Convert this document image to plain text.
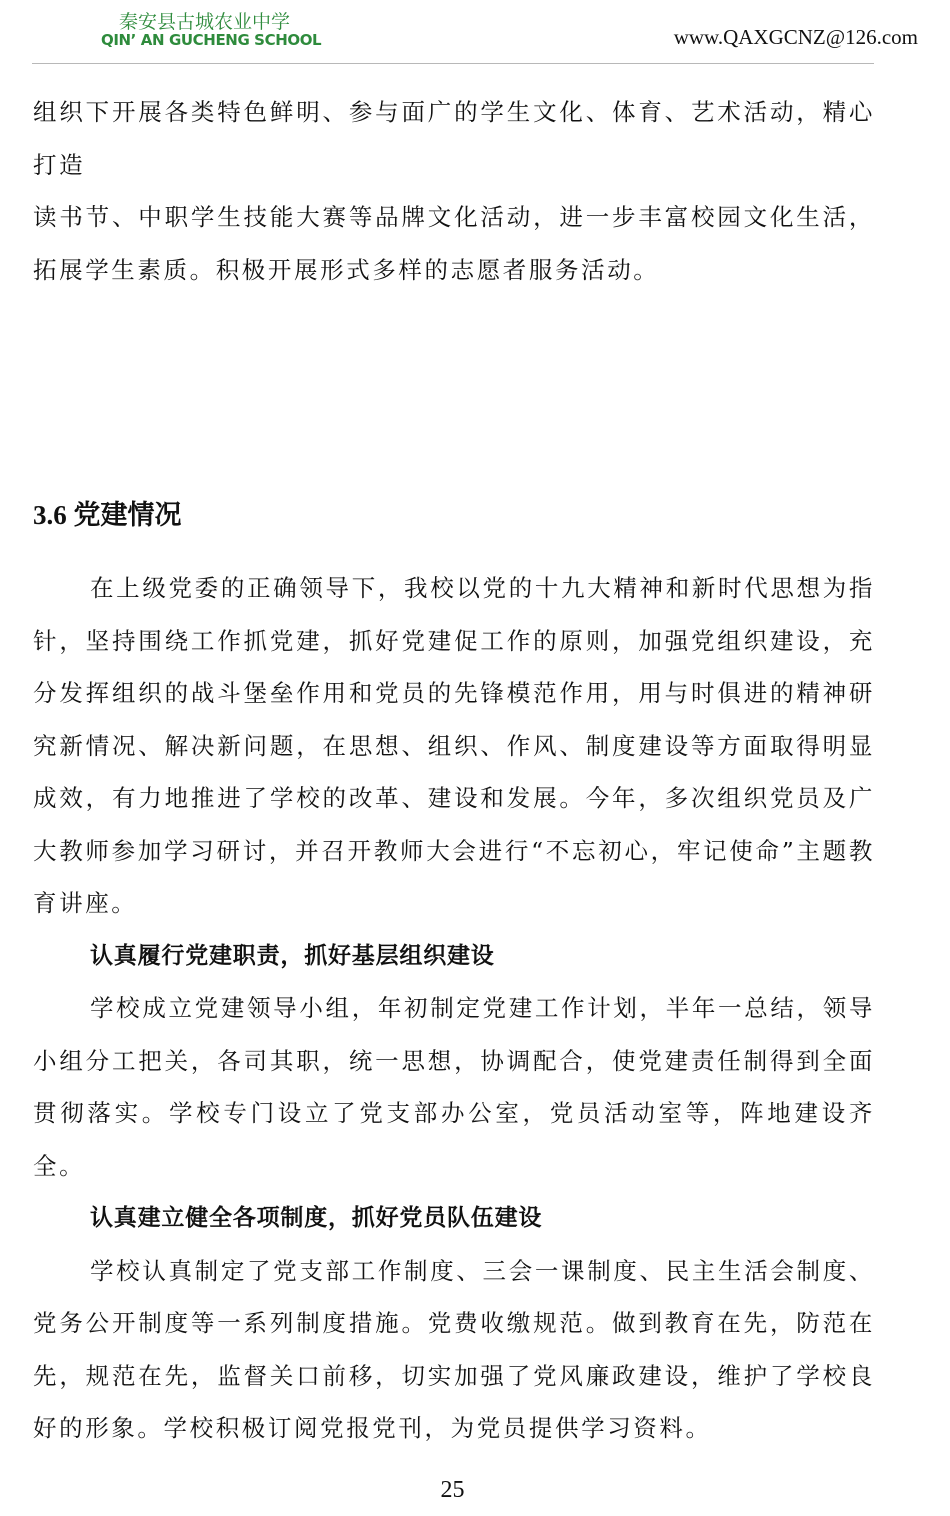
秦安县古城农业中学
QIN’ AN GUCHENG SCHOOL	www.QAXGCNZ@126.com

组织下开展各类特色鲜明、参与面广的学生文化、体育、艺术活动，精心打造

读书节、中职学生技能大赛等品牌文化活动，进一步丰富校园文化生活，拓展学生素质。积极开展形式多样的志愿者服务活动。

3.6 党建情况

在上级党委的正确领导下，我校以党的十九大精神和新时代思想为指针，坚持围绕工作抓党建，抓好党建促工作的原则，加强党组织建设，充分发挥组织的战斗堡垒作用和党员的先锋模范作用，用与时俱进的精神研究新情况、解决新问题，在思想、组织、作风、制度建设等方面取得明显成效，有力地推进了学校的改革、建设和发展。今年，多次组织党员及广大教师参加学习研讨，并召开教师大会进行“不忘初心，牢记使命”主题教育讲座。

认真履行党建职责，抓好基层组织建设

学校成立党建领导小组，年初制定党建工作计划，半年一总结，领导小组分工把关，各司其职，统一思想，协调配合，使党建责任制得到全面贯彻落实。学校专门设立了党支部办公室，党员活动室等，阵地建设齐全。

认真建立健全各项制度，抓好党员队伍建设

学校认真制定了党支部工作制度、三会一课制度、民主生活会制度、党务公开制度等一系列制度措施。党费收缴规范。做到教育在先，防范在先，规范在先，监督关口前移，切实加强了党风廉政建设，维护了学校良好的形象。学校积极订阅党报党刊，为党员提供学习资料。

25
